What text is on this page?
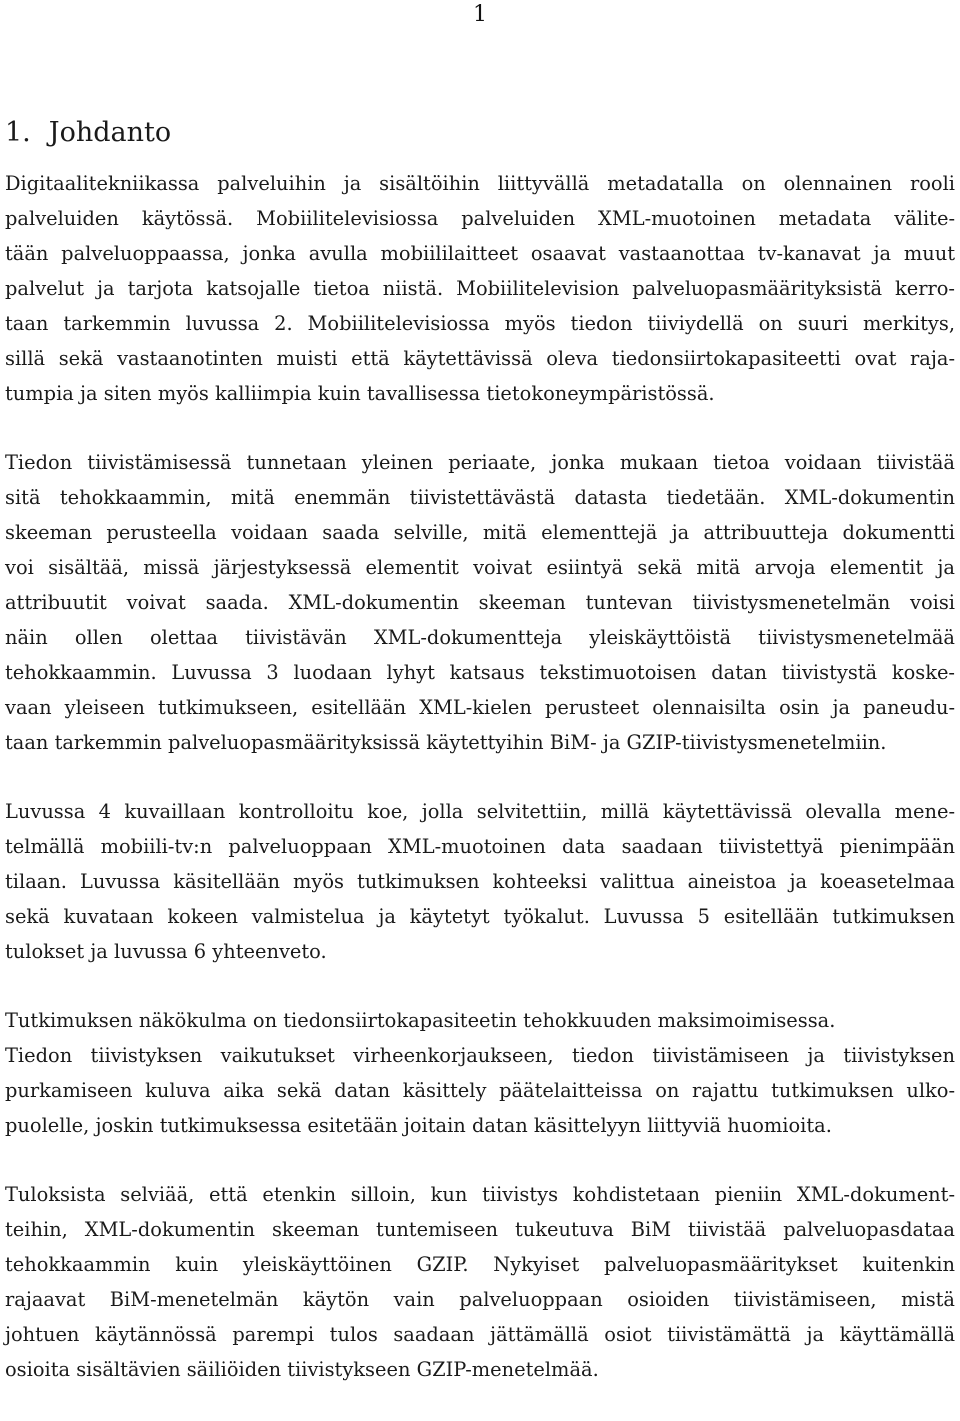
1
1. Johdanto

Digitaalitekniikassa palveluihin ja sisältöihin liittyvällä metadatalla on olennainen rooli
palveluiden käytössä. Mobiilitelevisiossa palveluiden XML-muotoinen metadata välite-
tään palveluoppaassa, jonka avulla mobiililaitteet osaavat vastaanottaa tv-kanavat ja muut
palvelut ja tarjota katsojalle tietoa niistä. Mobiilitelevision palveluopasmäärityksistä kerro-
taan tarkemmin luvussa 2. Mobiilitelevisiossa myös tiedon tiiviydellä on suuri merkitys,
sillä sekä vastaanotinten muisti että käytettävissä oleva tiedonsiirtokapasiteetti ovat raja-
tumpia ja siten myös kalliimpia kuin tavallisessa tietokoneympäristössä.

Tiedon tiivistämisessä tunnetaan yleinen periaate, jonka mukaan tietoa voidaan tiivistää
sitä tehokkaammin, mitä enemmän tiivistettävästä datasta tiedetään. XML-dokumentin
skeeman perusteella voidaan saada selville, mitä elementtejä ja attribuutteja dokumentti
voi sisältää, missä järjestyksessä elementit voivat esiintyä sekä mitä arvoja elementit ja
attribuutit voivat saada. XML-dokumentin skeeman tuntevan tiivistysmenetelmän voisi
näin ollen olettaa tiivistävän XML-dokumentteja yleiskäyttöistä tiivistysmenetelmää
tehokkaammin. Luvussa 3 luodaan lyhyt katsaus tekstimuotoisen datan tiivistystä koske-
vaan yleiseen tutkimukseen, esitellään XML-kielen perusteet olennaisilta osin ja paneudu-
taan tarkemmin palveluopasmäärityksissä käytettyihin BiM- ja GZIP-tiivistysmenetelmiin.

Luvussa 4 kuvaillaan kontrolloitu koe, jolla selvitettiin, millä käytettävissä olevalla mene-
telmällä mobiili-tv:n palveluoppaan XML-muotoinen data saadaan tiivistettyä pienimpään
tilaan. Luvussa käsitellään myös tutkimuksen kohteeksi valittua aineistoa ja koeasetelmaa
sekä kuvataan kokeen valmistelua ja käytetyt työkalut. Luvussa 5 esitellään tutkimuksen
tulokset ja luvussa 6 yhteenveto.

Tutkimuksen näkökulma on tiedonsiirtokapasiteetin tehokkuuden maksimoimisessa.
Tiedon tiivistyksen vaikutukset virheenkorjaukseen, tiedon tiivistämiseen ja tiivistyksen
purkamiseen kuluva aika sekä datan käsittely päätelaitteissa on rajattu tutkimuksen ulko-
puolelle, joskin tutkimuksessa esitetään joitain datan käsittelyyn liittyviä huomioita.

Tuloksista selviää, että etenkin silloin, kun tiivistys kohdistetaan pieniin XML-dokument-
teihin, XML-dokumentin skeeman tuntemiseen tukeutuva BiM tiivistää palveluopasdataa
tehokkaammin kuin yleiskäyttöinen GZIP. Nykyiset palveluopasmääritykset kuitenkin
rajaavat BiM-menetelmän käytön vain palveluoppaan osioiden tiivistämiseen, mistä
johtuen käytännössä parempi tulos saadaan jättämällä osiot tiivistämättä ja käyttämällä
osioita sisältävien säiliöiden tiivistykseen GZIP-menetelmää.
